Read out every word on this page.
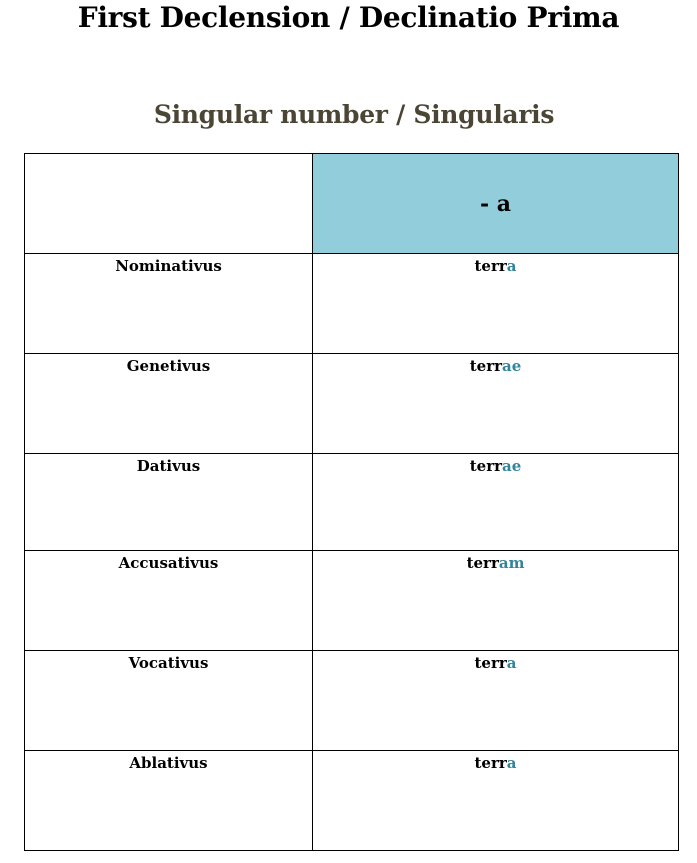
First Declension / Declinatio Prima
Singular number / Singularis
	- a

Nominativus	terra

Genetivus	terrae

Dativus	terrae

Accusativus	terram

Vocativus	terra

Ablativus	terra
